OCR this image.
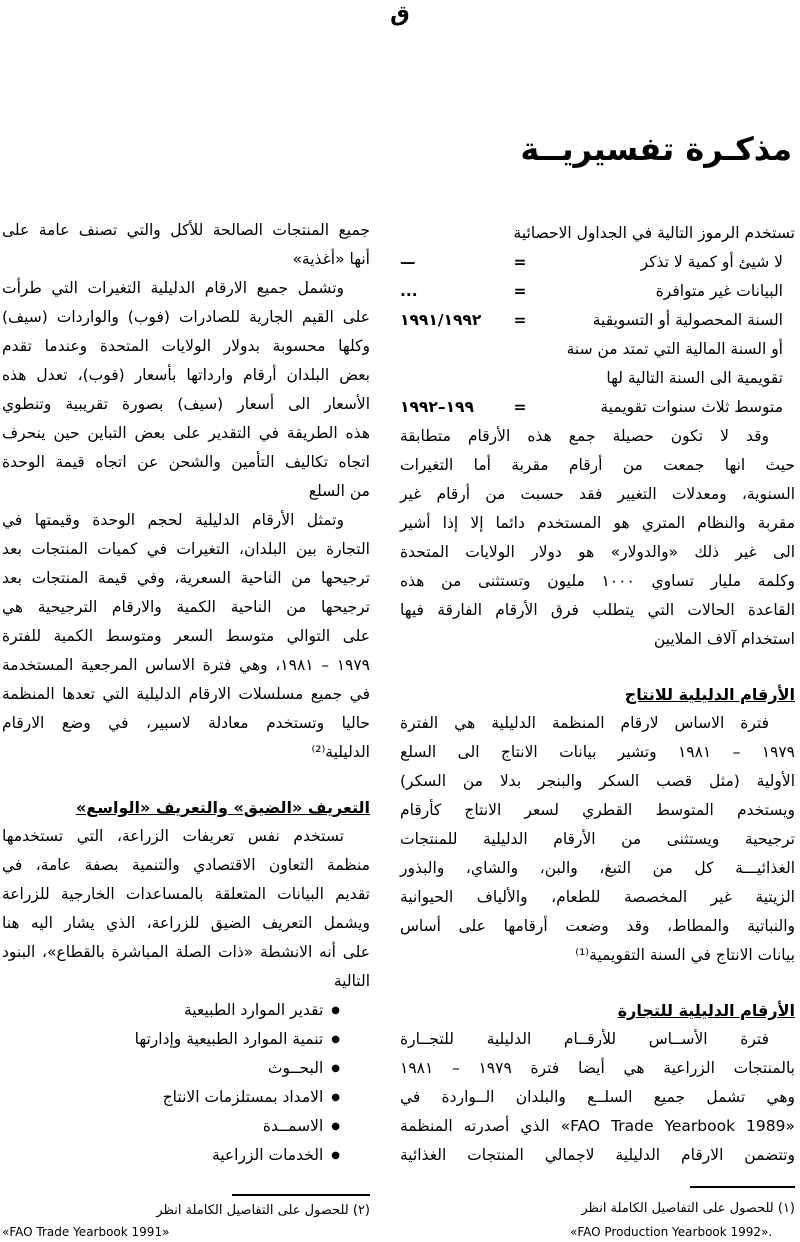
ق
مذكـرة تفسيريــة
تستخدم الرموز التالية في الجداول الاحصائية
لا شيئ أو كمية لا تذكر
=
—
البيانات غير متوافرة
=
...
السنة المحصولية أو التسويقية
=
١٩٩١/١٩٩٢
أو السنة المالية التي تمتد من سنة
تقويمية الى السنة التالية لها
متوسط ثلاث سنوات تقويمية
=
١٩٩–١٩٩٢
وقد لا تكون حصيلة جمع هذه الأرقام متطابقة
حيث انها جمعت من أرقام مقربة أما التغيرات
السنوية، ومعدلات التغيير فقد حسبت من أرقام غير
مقربة والنظام المتري هو المستخدم دائما إلا إذا أشير
الى غير ذلك «والدولار» هو دولار الولايات المتحدة
وكلمة مليار تساوي ١٠٠٠ مليون وتستثنى من هذه
القاعدة الحالات التي يتطلب فرق الأرقام الفارقة فيها
استخدام آلاف الملايين
الأرقام الدليلية للانتاج
فترة الاساس لارقام المنظمة الدليلية هي الفترة
١٩٧٩ – ١٩٨١ وتشير بيانات الانتاج الى السلع
الأولية (مثل قصب السكر والبنجر بدلا من السكر)
ويستخدم المتوسط القطري لسعر الانتاج كأرقام
ترجيحية ويستثنى من الأرقام الدليلية للمنتجات
الغذائيـــة كل من التبغ، والبن، والشاي، والبذور
الزيتية غير المخصصة للطعام، والألياف الحيوانية
والنباتية والمطاط، وقد وضعت أرقامها على أساس
بيانات الانتاج في السنة التقويمية⁽¹⁾
الأرقام الدليلية للتجارة
فترة الأســاس للأرقــام الدليلية للتجــارة
بالمنتجات الزراعية هي أيضا فترة ١٩٧٩ – ١٩٨١
وهي تشمل جميع السلــع والبلدان الــواردة في
«FAO Trade Yearbook 1989» الذي أصدرته المنظمة
وتتضمن الارقام الدليلية لاجمالي المنتجات الغذائية
(١) للحصول على التفاصيل الكاملة انظر
«FAO Production Yearbook 1992».
جميع المنتجات الصالحة للأكل والتي تصنف عامة على
أنها «أغذية»
وتشمل جميع الارقام الدليلية التغيرات التي طرأت
على القيم الجارية للصادرات (فوب) والواردات (سيف)
وكلها محسوبة بدولار الولايات المتحدة وعندما تقدم
بعض البلدان أرقام وارداتها بأسعار (فوب)، تعدل هذه
الأسعار الى أسعار (سيف) بصورة تقريبية وتنطوي
هذه الطريقة في التقدير على بعض التباين حين ينحرف
اتجاه تكاليف التأمين والشحن عن اتجاه قيمة الوحدة
من السلع
وتمثل الأرقام الدليلية لحجم الوحدة وقيمتها في
التجارة بين البلدان، التغيرات في كميات المنتجات بعد
ترجيحها من الناحية السعرية، وفي قيمة المنتجات بعد
ترجيحها من الناحية الكمية والارقام الترجيحية هي
على التوالي متوسط السعر ومتوسط الكمية للفترة
١٩٧٩ – ١٩٨١، وهي فترة الاساس المرجعية المستخدمة
في جميع مسلسلات الارقام الدليلية التي تعدها المنظمة
حاليا وتستخدم معادلة لاسبير، في وضع الارقام
الدليلية⁽²⁾
التعريف «الضيق» والتعريف «الواسع»
تستخدم نفس تعريفات الزراعة، التي تستخدمها
منظمة التعاون الاقتصادي والتنمية بصفة عامة، في
تقديم البيانات المتعلقة بالمساعدات الخارجية للزراعة
ويشمل التعريف الضيق للزراعة، الذي يشار اليه هنا
على أنه الانشطة «ذات الصلة المباشرة بالقطاع»، البنود
التالية
● تقدير الموارد الطبيعية
● تنمية الموارد الطبيعية وإدارتها
● البحــوث
● الامداد بمستلزمات الانتاج
● الاسمــدة
● الخدمات الزراعية
(٢) للحصول على التفاصيل الكاملة انظر
«FAO Trade Yearbook 1991»
